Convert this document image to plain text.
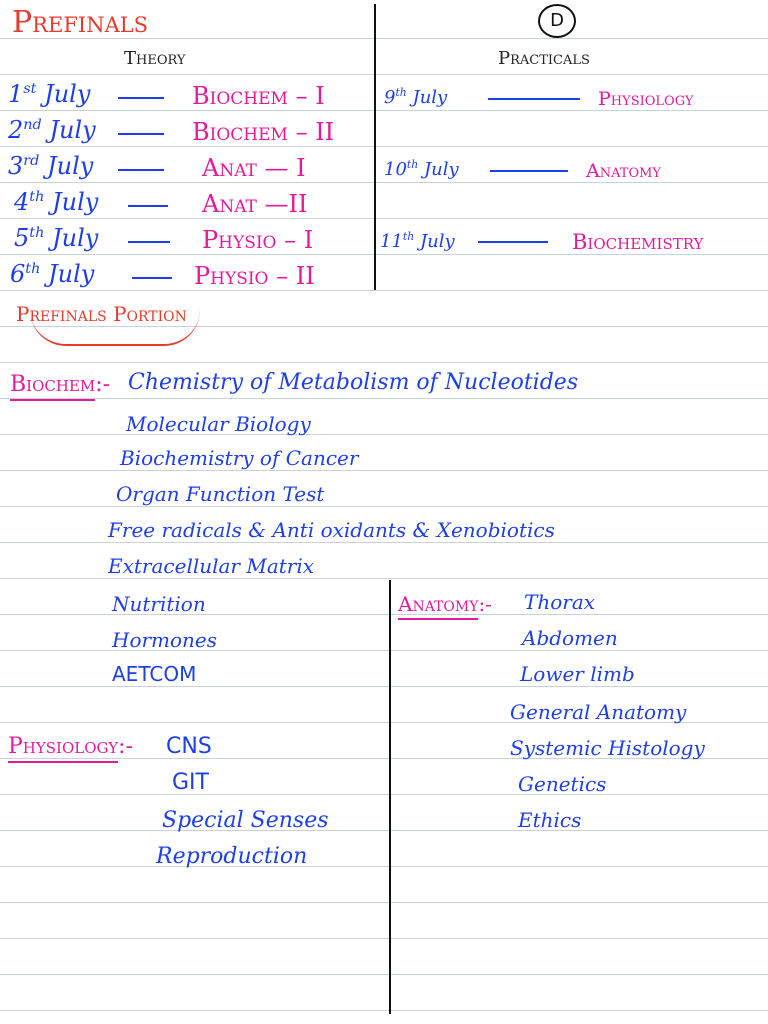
Prefinals	D
Theory	Practicals
1st July	Biochem – I
2nd July	Biochem – II
3rd July	Anat — I
4th July	Anat —II
5th July	Physio – I
6th July	Physio – II
9th July	Physiology
10th July	Anatomy
11th July	Biochemistry
Prefinals Portion
Biochem:- Chemistry of Metabolism of Nucleotides
Molecular Biology
Biochemistry of Cancer
Organ Function Test
Free radicals & Anti oxidants & Xenobiotics
Extracellular Matrix
Nutrition
Hormones
AETCOM
Anatomy:- Thorax
Abdomen
Lower limb
General Anatomy
Systemic Histology
Genetics
Ethics
Physiology:- CNS
GIT
Special Senses
Reproduction
